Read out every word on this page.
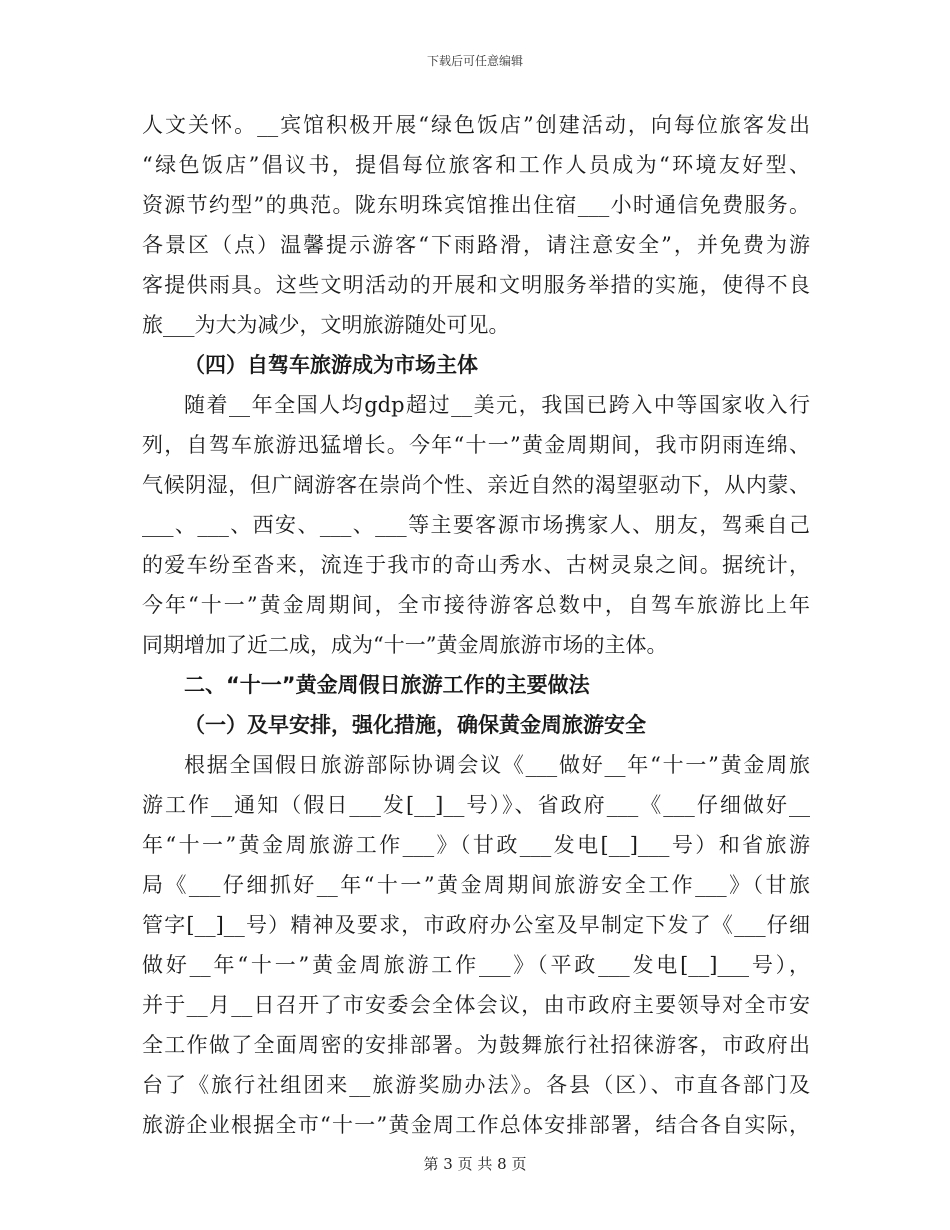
下载后可任意编辑
人文关怀。__宾馆积极开展“绿色饭店”创建活动，向每位旅客发出
“绿色饭店”倡议书，提倡每位旅客和工作人员成为“环境友好型、
资源节约型”的典范。陇东明珠宾馆推出住宿___小时通信免费服务。
各景区（点）温馨提示游客“下雨路滑，请注意安全”，并免费为游
客提供雨具。这些文明活动的开展和文明服务举措的实施，使得不良
旅___为大为减少，文明旅游随处可见。
（四）自驾车旅游成为市场主体
随着__年全国人均gdp超过__美元，我国已跨入中等国家收入行
列，自驾车旅游迅猛增长。今年“十一”黄金周期间，我市阴雨连绵、
气候阴湿，但广阔游客在崇尚个性、亲近自然的渴望驱动下，从内蒙、
___、___、西安、___、___等主要客源市场携家人、朋友，驾乘自己
的爱车纷至沓来，流连于我市的奇山秀水、古树灵泉之间。据统计，
今年“十一”黄金周期间，全市接待游客总数中，自驾车旅游比上年
同期增加了近二成，成为“十一”黄金周旅游市场的主体。
二、“十一”黄金周假日旅游工作的主要做法
（一）及早安排，强化措施，确保黄金周旅游安全
根据全国假日旅游部际协调会议《___做好__年“十一”黄金周旅
游工作__通知（假日___发[__]__号）》、省政府___《___仔细做好__
年“十一”黄金周旅游工作___》（甘政___发电[__]___号）和省旅游
局《___仔细抓好__年“十一”黄金周期间旅游安全工作___》（甘旅
管字[__]__号）精神及要求，市政府办公室及早制定下发了《___仔细
做好__年“十一”黄金周旅游工作___》（平政___发电[__]___号），
并于__月__日召开了市安委会全体会议，由市政府主要领导对全市安
全工作做了全面周密的安排部署。为鼓舞旅行社招徕游客，市政府出
台了《旅行社组团来__旅游奖励办法》。各县（区）、市直各部门及
旅游企业根据全市“十一”黄金周工作总体安排部署，结合各自实际，
第 3 页 共 8 页
